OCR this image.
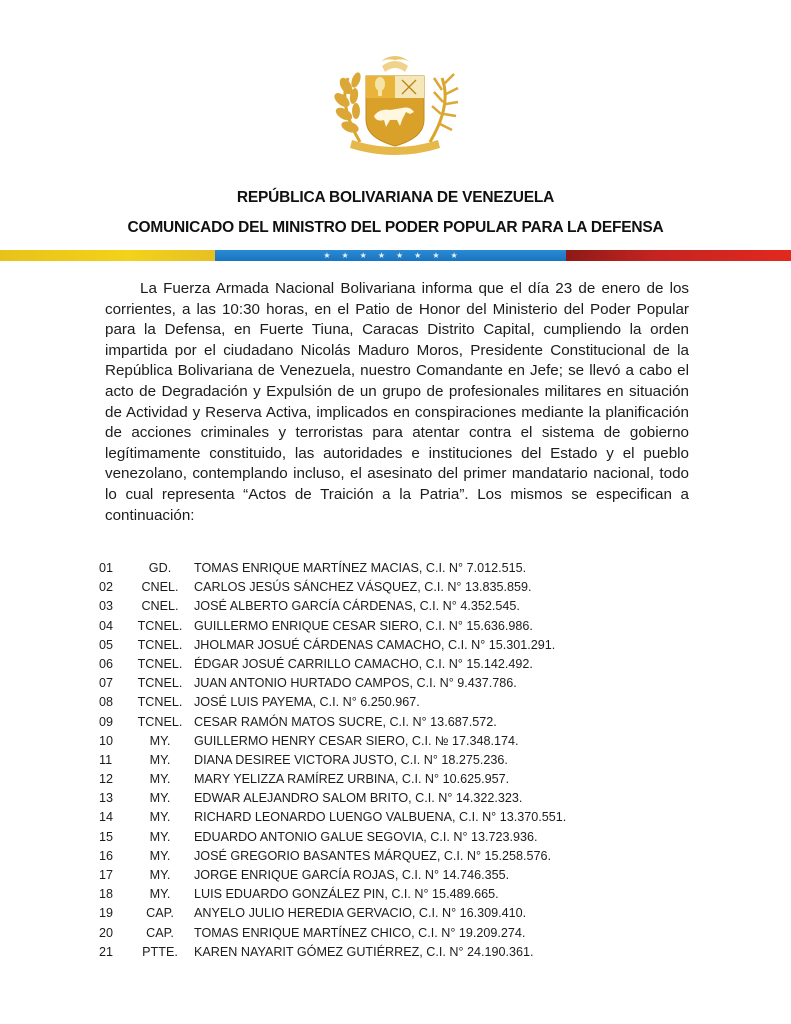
REPÚBLICA BOLIVARIANA DE VENEZUELA
COMUNICADO DEL MINISTRO DEL PODER POPULAR PARA LA DEFENSA
★ ★ ★ ★ ★ ★ ★ ★
La Fuerza Armada Nacional Bolivariana informa que el día 23 de enero de los corrientes, a las 10:30 horas, en el Patio de Honor del Ministerio del Poder Popular para la Defensa, en Fuerte Tiuna, Caracas Distrito Capital, cumpliendo la orden impartida por el ciudadano Nicolás Maduro Moros, Presidente Constitucional de la República Bolivariana de Venezuela, nuestro Comandante en Jefe; se llevó a cabo el acto de Degradación y Expulsión de un grupo de profesionales militares en situación de Actividad y Reserva Activa, implicados en conspiraciones mediante la planificación de acciones criminales y terroristas para atentar contra el sistema de gobierno legítimamente constituido, las autoridades e instituciones del Estado y el pueblo venezolano, contemplando incluso, el asesinato del primer mandatario nacional, todo lo cual representa “Actos de Traición a la Patria”. Los mismos se especifican a continuación:
01	GD.	TOMAS ENRIQUE MARTÍNEZ MACIAS, C.I. N° 7.012.515.
02	CNEL.	CARLOS JESÚS SÁNCHEZ VÁSQUEZ, C.I. N° 13.835.859.
03	CNEL.	JOSÉ ALBERTO GARCÍA CÁRDENAS, C.I. N° 4.352.545.
04	TCNEL. GUILLERMO ENRIQUE CESAR SIERO, C.I. N° 15.636.986.
05	TCNEL. JHOLMAR JOSUÉ CÁRDENAS CAMACHO, C.I. N° 15.301.291.
06	TCNEL. ÉDGAR JOSUÉ CARRILLO CAMACHO, C.I. N° 15.142.492.
07	TCNEL. JUAN ANTONIO HURTADO CAMPOS, C.I. N° 9.437.786.
08	TCNEL. JOSÉ LUIS PAYEMA, C.I. N° 6.250.967.
09	TCNEL. CESAR RAMÓN MATOS SUCRE, C.I. N° 13.687.572.
10	MY.	GUILLERMO HENRY CESAR SIERO, C.I. № 17.348.174.
11	MY.	DIANA DESIREE VICTORA JUSTO, C.I. N° 18.275.236.
12	MY.	MARY YELIZZA RAMÍREZ URBINA, C.I. N° 10.625.957.
13	MY.	EDWAR ALEJANDRO SALOM BRITO, C.I. N° 14.322.323.
14	MY.	RICHARD LEONARDO LUENGO VALBUENA, C.I. N° 13.370.551.
15	MY.	EDUARDO ANTONIO GALUE SEGOVIA, C.I. N° 13.723.936.
16	MY.	JOSÉ GREGORIO BASANTES MÁRQUEZ, C.I. N° 15.258.576.
17	MY.	JORGE ENRIQUE GARCÍA ROJAS, C.I. N° 14.746.355.
18	MY.	LUIS EDUARDO GONZÁLEZ PIN, C.I. N° 15.489.665.
19	CAP.	ANYELO JULIO HEREDIA GERVACIO, C.I. N° 16.309.410.
20	CAP.	TOMAS ENRIQUE MARTÍNEZ CHICO, C.I. N° 19.209.274.
21	PTTE.	KAREN NAYARIT GÓMEZ GUTIÉRREZ, C.I. N° 24.190.361.
